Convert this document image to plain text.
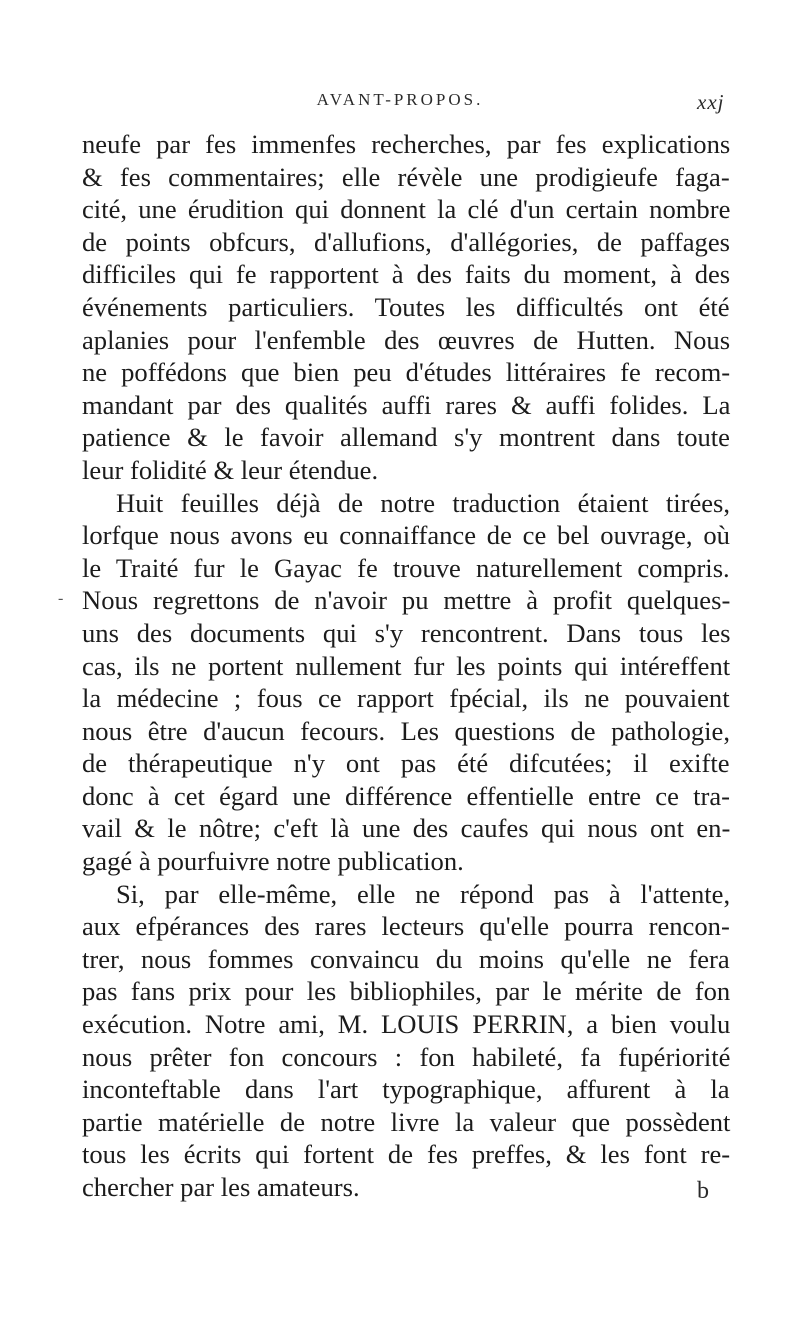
AVANT-PROPOS.	xxj
-
neufe par fes immenfes recherches, par fes explications
& fes commentaires; elle révèle une prodigieufe faga-
cité, une érudition qui donnent la clé d'un certain nombre
de points obfcurs, d'allufions, d'allégories, de paffages
difficiles qui fe rapportent à des faits du moment, à des
événements particuliers. Toutes les difficultés ont été
aplanies pour l'enfemble des œuvres de Hutten. Nous
ne poffédons que bien peu d'études littéraires fe recom-
mandant par des qualités auffi rares & auffi folides. La
patience & le favoir allemand s'y montrent dans toute
leur folidité & leur étendue.
Huit feuilles déjà de notre traduction étaient tirées,
lorfque nous avons eu connaiffance de ce bel ouvrage, où
le Traité fur le Gayac fe trouve naturellement compris.
Nous regrettons de n'avoir pu mettre à profit quelques-
uns des documents qui s'y rencontrent. Dans tous les
cas, ils ne portent nullement fur les points qui intéreffent
la médecine ; fous ce rapport fpécial, ils ne pouvaient
nous être d'aucun fecours. Les questions de pathologie,
de thérapeutique n'y ont pas été difcutées; il exifte
donc à cet égard une différence effentielle entre ce tra-
vail & le nôtre; c'eft là une des caufes qui nous ont en-
gagé à pourfuivre notre publication.
Si, par elle-même, elle ne répond pas à l'attente,
aux efpérances des rares lecteurs qu'elle pourra rencon-
trer, nous fommes convaincu du moins qu'elle ne fera
pas fans prix pour les bibliophiles, par le mérite de fon
exécution. Notre ami, M. LOUIS PERRIN, a bien voulu
nous prêter fon concours : fon habileté, fa fupériorité
inconteftable dans l'art typographique, affurent à la
partie matérielle de notre livre la valeur que possèdent
tous les écrits qui fortent de fes preffes, & les font re-
chercher par les amateurs.	b
